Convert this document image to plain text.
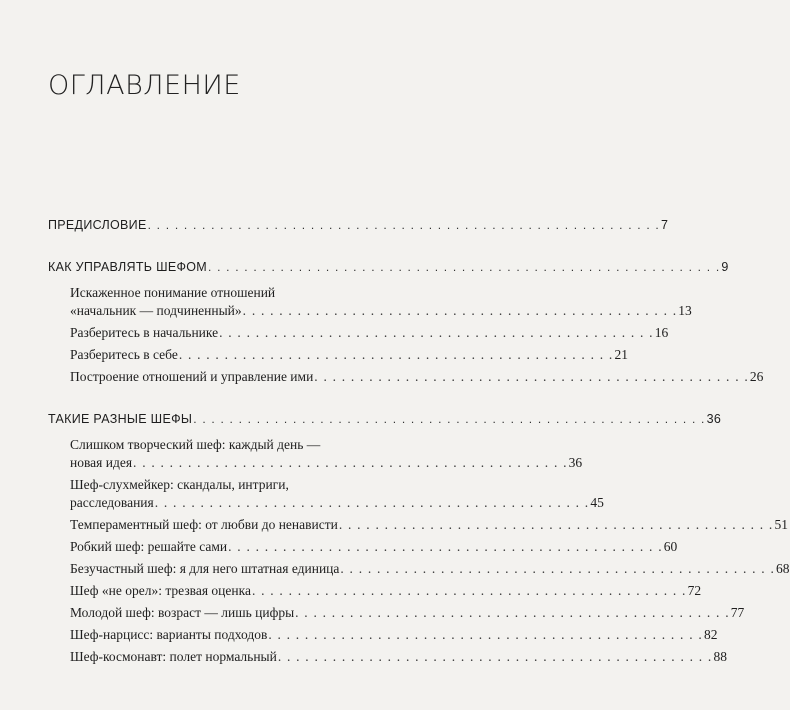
ОГЛАВЛЕНИЕ
ПРЕДИСЛОВИЕ . . . . . . . . . . . . . . . . . . . . . . . . . . . . . . . . . . . . . . . . . . . . . . . . . . . . . . . . . 7
КАК УПРАВЛЯТЬ ШЕФОМ . . . . . . . . . . . . . . . . . . . . . . . . . . . . . . . . . . . . . . . . . . . . . . . . . . . . . . . . . 9
Искаженное понимание отношений
«начальник — подчиненный» . . . . . . . . . . . . . . . . . . . . . . . . . . . . . . . . . . . . . . . . . . . . . . . . 13
Разберитесь в начальнике . . . . . . . . . . . . . . . . . . . . . . . . . . . . . . . . . . . . . . . . . . . . . . . . 16
Разберитесь в себе . . . . . . . . . . . . . . . . . . . . . . . . . . . . . . . . . . . . . . . . . . . . . . . . 21
Построение отношений и управление ими . . . . . . . . . . . . . . . . . . . . . . . . . . . . . . . . . . . . . . . . . . . . . . . . 26
ТАКИЕ РАЗНЫЕ ШЕФЫ . . . . . . . . . . . . . . . . . . . . . . . . . . . . . . . . . . . . . . . . . . . . . . . . . . . . . . . . . 36
Слишком творческий шеф: каждый день —
новая идея . . . . . . . . . . . . . . . . . . . . . . . . . . . . . . . . . . . . . . . . . . . . . . . . 36
Шеф-слухмейкер: скандалы, интриги,
расследования . . . . . . . . . . . . . . . . . . . . . . . . . . . . . . . . . . . . . . . . . . . . . . . . 45
Темпераментный шеф: от любви до ненависти . . . . . . . . . . . . . . . . . . . . . . . . . . . . . . . . . . . . . . . . . . . . . . . . 51
Робкий шеф: решайте сами . . . . . . . . . . . . . . . . . . . . . . . . . . . . . . . . . . . . . . . . . . . . . . . . 60
Безучастный шеф: я для него штатная единица . . . . . . . . . . . . . . . . . . . . . . . . . . . . . . . . . . . . . . . . . . . . . . . . 68
Шеф «не орел»: трезвая оценка . . . . . . . . . . . . . . . . . . . . . . . . . . . . . . . . . . . . . . . . . . . . . . . . 72
Молодой шеф: возраст — лишь цифры . . . . . . . . . . . . . . . . . . . . . . . . . . . . . . . . . . . . . . . . . . . . . . . . 77
Шеф-нарцисс: варианты подходов . . . . . . . . . . . . . . . . . . . . . . . . . . . . . . . . . . . . . . . . . . . . . . . . 82
Шеф-космонавт: полет нормальный . . . . . . . . . . . . . . . . . . . . . . . . . . . . . . . . . . . . . . . . . . . . . . . . 88
